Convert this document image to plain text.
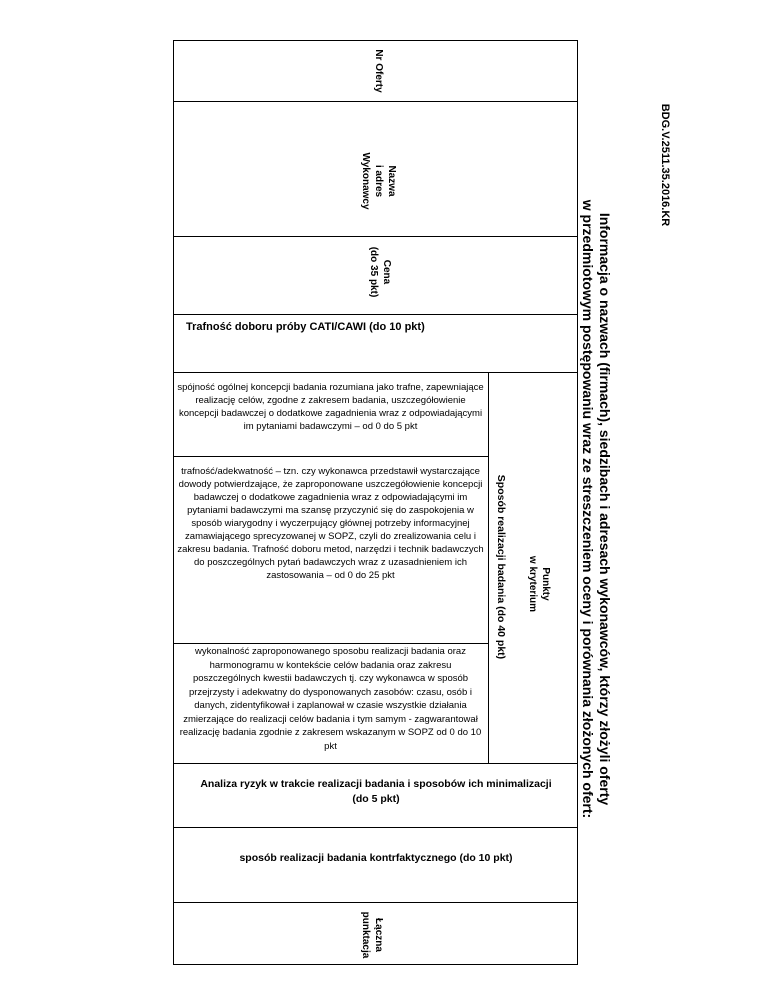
BDG.V.2511.35.2016.KR
Informacja o nazwach (firmach), siedzibach i adresach wykonawców, którzy złożyli oferty
w przedmiotowym postępowaniu wraz ze streszczeniem oceny i porównania złożonych ofert:
Nr Oferty
Nazwa
i adres
Wykonawcy
Cena
(do 35 pkt)
Trafność doboru próby CATI/CAWI (do 10 pkt)
spójność ogólnej koncepcji badania rozumiana jako trafne, zapewniające realizację celów, zgodne z zakresem badania, uszczegółowienie koncepcji badawczej o dodatkowe zagadnienia wraz z odpowiadającymi im pytaniami badawczymi – od 0 do 5 pkt
trafność/adekwatność – tzn. czy wykonawca przedstawił wystarczające dowody potwierdzające, że zaproponowane uszczegółowienie koncepcji badawczej o dodatkowe zagadnienia wraz z odpowiadającymi im pytaniami badawczymi ma szansę przyczynić się do zaspokojenia w sposób wiarygodny i wyczerpujący głównej potrzeby informacyjnej zamawiającego sprecyzowanej w SOPZ, czyli do zrealizowania celu i zakresu badania. Trafność doboru metod, narzędzi i technik badawczych do poszczególnych pytań badawczych wraz z uzasadnieniem ich zastosowania – od 0 do 25 pkt
wykonalność zaproponowanego sposobu realizacji badania oraz harmonogramu w kontekście celów badania oraz zakresu poszczególnych kwestii badawczych tj. czy wykonawca w sposób przejrzysty i adekwatny do dysponowanych zasobów: czasu, osób i danych, zidentyfikował i zaplanował w czasie wszystkie działania zmierzające do realizacji celów badania i tym samym - zagwarantował realizację badania zgodnie z zakresem wskazanym w SOPZ od 0 do 10 pkt
Sposób realizacji badania (do 40 pkt)	Punkty
w kryterium
Analiza ryzyk w trakcie realizacji badania i sposobów ich minimalizacji (do 5 pkt)
sposób realizacji badania kontrfaktycznego (do 10 pkt)
Łączna
punktacja
